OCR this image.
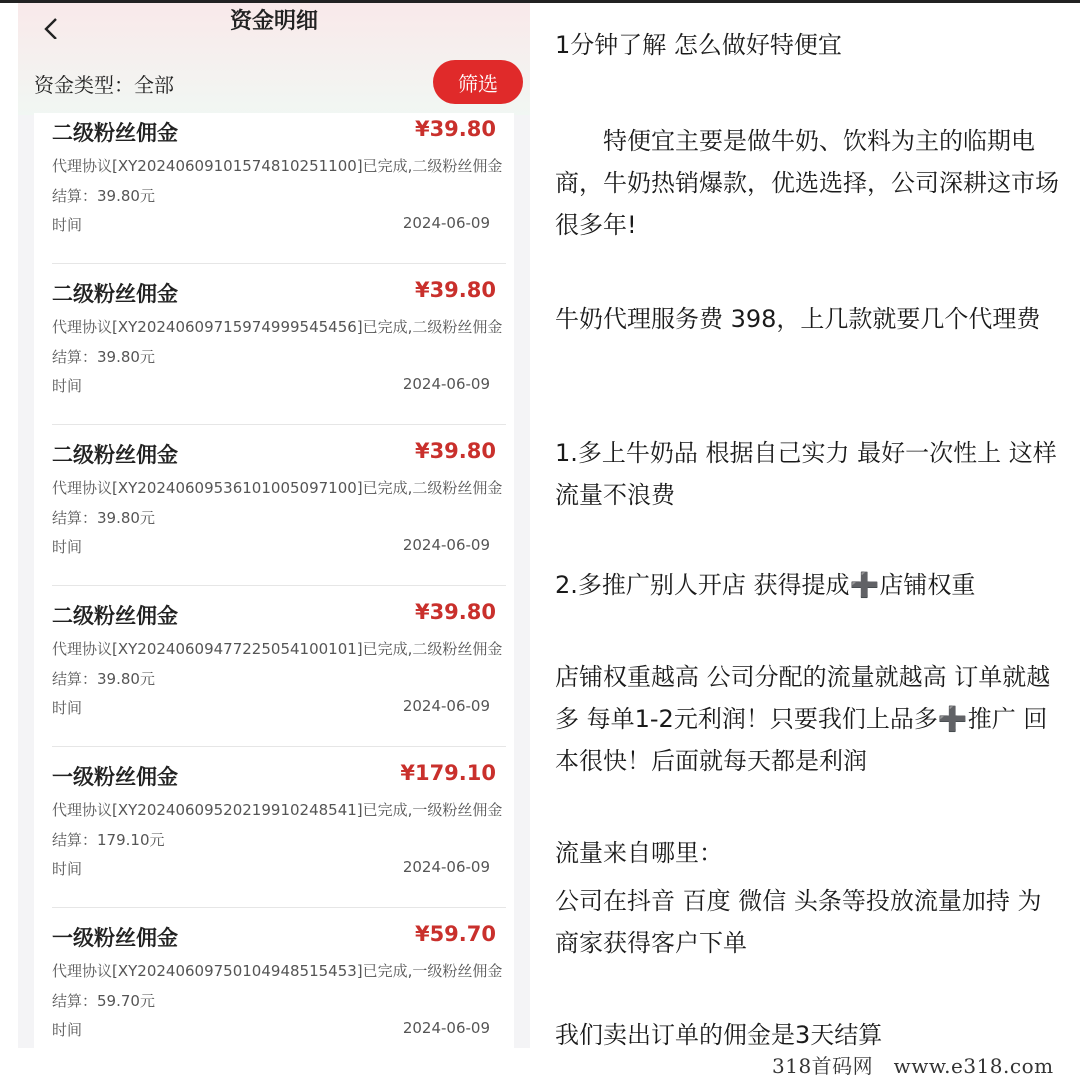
资金明细
资金类型：全部	筛选
二级粉丝佣金	¥39.80
代理协议[XY20240609101574810251100]已完成,二级粉丝佣金
结算：39.80元
时间	2024-06-09
二级粉丝佣金	¥39.80
代理协议[XY20240609715974999545456]已完成,二级粉丝佣金
结算：39.80元
时间	2024-06-09
二级粉丝佣金	¥39.80
代理协议[XY20240609536101005097100]已完成,二级粉丝佣金
结算：39.80元
时间	2024-06-09
二级粉丝佣金	¥39.80
代理协议[XY20240609477225054100101]已完成,二级粉丝佣金
结算：39.80元
时间	2024-06-09
一级粉丝佣金	¥179.10
代理协议[XY20240609520219910248541]已完成,一级粉丝佣金
结算：179.10元
时间	2024-06-09
一级粉丝佣金	¥59.70
代理协议[XY20240609750104948515453]已完成,一级粉丝佣金
结算：59.70元
时间	2024-06-09

1分钟了解 怎么做好特便宜

特便宜主要是做牛奶、饮料为主的临期电商，牛奶热销爆款，优选选择，公司深耕这市场很多年!

牛奶代理服务费 398，上几款就要几个代理费

1.多上牛奶品 根据自己实力 最好一次性上 这样流量不浪费

2.多推广别人开店 获得提成➕店铺权重

店铺权重越高 公司分配的流量就越高 订单就越多 每单1-2元利润！只要我们上品多➕推广 回本很快！后面就每天都是利润

流量来自哪里：

公司在抖音 百度 微信 头条等投放流量加持 为商家获得客户下单

我们卖出订单的佣金是3天结算

318首码网　www.e318.com
